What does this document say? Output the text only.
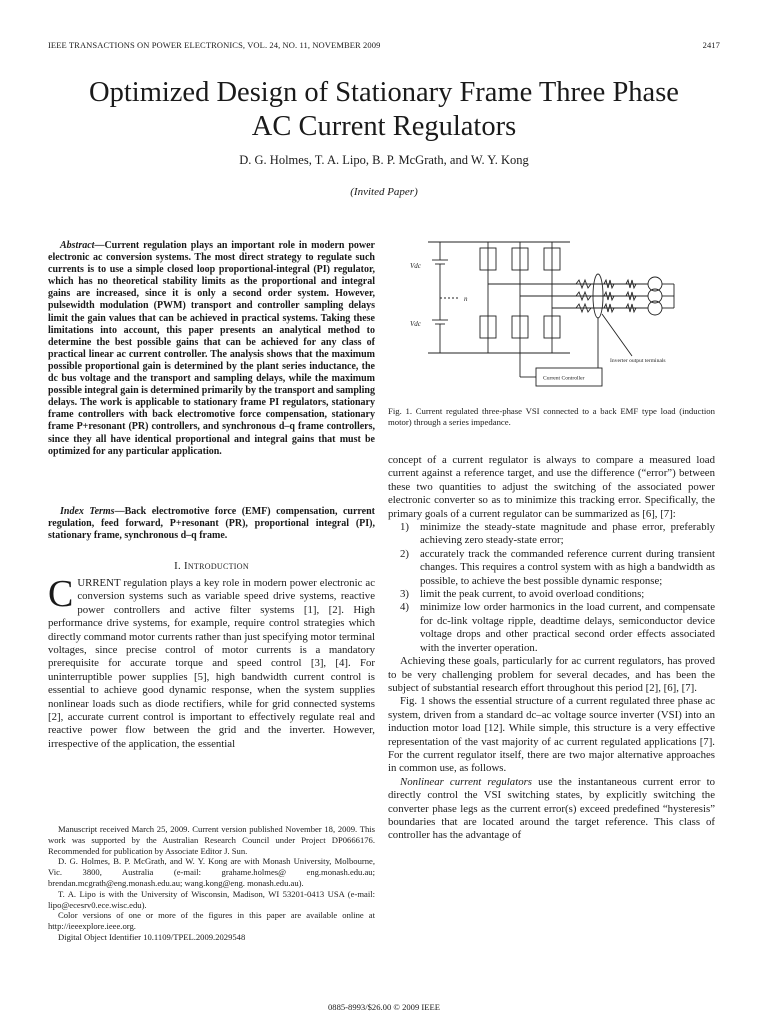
IEEE TRANSACTIONS ON POWER ELECTRONICS, VOL. 24, NO. 11, NOVEMBER 2009	2417
Optimized Design of Stationary Frame Three Phase
AC Current Regulators
D. G. Holmes, T. A. Lipo, B. P. McGrath, and W. Y. Kong
(Invited Paper)
Abstract—Current regulation plays an important role in modern power electronic ac conversion systems. The most direct strategy to regulate such currents is to use a simple closed loop proportional-integral (PI) regulator, which has no theoretical stability limits as the proportional and integral gains are increased, since it is only a second order system. However, pulsewidth modulation (PWM) transport and controller sampling delays limit the gain values that can be achieved in practical systems. Taking these limitations into account, this paper presents an analytical method to determine the best possible gains that can be achieved for any class of practical linear ac current controller. The analysis shows that the maximum possible proportional gain is determined by the plant series inductance, the dc bus voltage and the transport and sampling delays, while the maximum possible integral gain is determined primarily by the transport and sampling delays. The work is applicable to stationary frame PI regulators, stationary frame controllers with back electromotive force compensation, stationary frame P+resonant (PR) controllers, and synchronous d–q frame controllers, since they all have identical proportional and integral gains that must be optimized for any particular application.
Index Terms—Back electromotive force (EMF) compensation, current regulation, feed forward, P+resonant (PR), proportional integral (PI), stationary frame, synchronous d–q frame.
I. Introduction
CURRENT regulation plays a key role in modern power electronic ac conversion systems such as variable speed drive systems, reactive power controllers and active filter systems [1], [2]. High performance drive systems, for example, require control strategies which directly command motor currents rather than just specifying motor terminal voltages, since precise control of motor currents is a mandatory prerequisite for accurate torque and speed control [3], [4]. For uninterruptible power supplies [5], high bandwidth current control is essential to achieve good dynamic response, when the system supplies nonlinear loads such as diode rectifiers, while for grid connected systems [2], accurate current control is important to effectively regulate real and reactive power flow between the grid and the inverter. However, irrespective of the application, the essential

Manuscript received March 25, 2009. Current version published November 18, 2009. This work was supported by the Australian Research Council under Project DP0666176. Recommended for publication by Associate Editor J. Sun.

D. G. Holmes, B. P. McGrath, and W. Y. Kong are with Monash University, Molbourne, Vic. 3800, Australia (e-mail: grahame.holmes@ eng.monash.edu.au; brendan.mcgrath@eng.monash.edu.au; wang.kong@eng. monash.edu.au).

T. A. Lipo is with the University of Wisconsin, Madison, WI 53201-0413 USA (e-mail: lipo@ecesrv0.ece.wisc.edu).

Color versions of one or more of the figures in this paper are available online at http://ieeexplore.ieee.org.

Digital Object Identifier 10.1109/TPEL.2009.2029548

Vdc
Vdc
n
Inverter output terminals
Current Controller
Fig. 1. Current regulated three-phase VSI connected to a back EMF type load (induction motor) through a series impedance.

concept of a current regulator is always to compare a measured load current against a reference target, and use the difference (“error”) between these two quantities to adjust the switching of the associated power electronic converter so as to minimize this tracking error. Specifically, the primary goals of a current regulator can be summarized as [6], [7]:

1) minimize the steady-state magnitude and phase error, preferably achieving zero steady-state error;
2) accurately track the commanded reference current during transient changes. This requires a control system with as high a bandwidth as possible, to achieve the best possible dynamic response;
3) limit the peak current, to avoid overload conditions;
4) minimize low order harmonics in the load current, and compensate for dc-link voltage ripple, deadtime delays, semiconductor device voltage drops and other practical second order effects associated with the inverter operation.

Achieving these goals, particularly for ac current regulators, has proved to be very challenging problem for several decades, and has been the subject of substantial research effort throughout this period [2], [6], [7].

Fig. 1 shows the essential structure of a current regulated three phase ac system, driven from a standard dc–ac voltage source inverter (VSI) into an induction motor load [12]. While simple, this structure is a very effective representation of the vast majority of ac current regulated applications [7]. For the current regulator itself, there are two major alternative approaches in common use, as follows.

Nonlinear current regulators use the instantaneous current error to directly control the VSI switching states, by explicitly switching the converter phase legs as the current error(s) exceed predefined “hysteresis” boundaries that are located around the target reference. This class of controller has the advantage of

0885-8993/$26.00 © 2009 IEEE
